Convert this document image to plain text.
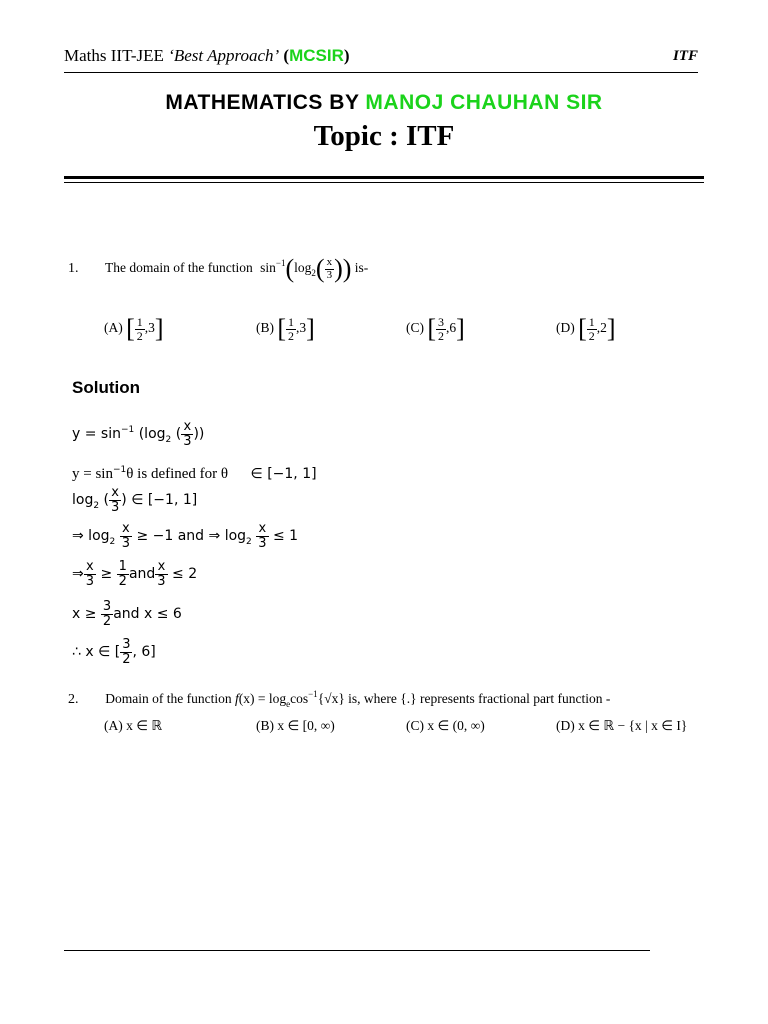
Maths IIT-JEE ‘Best Approach’ (MCSIR)	ITF
MATHEMATICS BY MANOJ CHAUHAN SIR
Topic : ITF
1. The domain of the function $\sin^{-1}(\log_2( \frac{x}{3}$ )) is-
(A) [ $\frac{1}{2} ,3$]	(B) [ $\frac{1}{2} ,3$]	(C) [ $\frac{3}{2} ,6$]	(D) [ $\frac{1}{2} ,2$]
Solution
$y = \sin^{-1} (\log_2$ ( $\frac{x}{3}$ ))
$y = \sin^{-1}\theta$ is defined for θ ∈ [−1, 1]
$\log_2$ ( $\frac{x}{3}$ ) ∈ [−1, 1]
⇒ $\log_2 \frac{x}{3} \ge -1$ and ⇒ $\log_2 \frac{x}{3} \le 1$
⇒ $\frac{x}{3} \ge \frac{1}{2}$ and $\frac{x}{3} \le 2$
$x \ge \frac{3}{2}$ and x ≤ 6
∴ x ∈ [ $\frac{3}{2}$ , 6]
2. Domain of the function $f(x) = \log_e\cos^{-1}\{√x\}$ is, where {.} represents fractional part function -
(A) x ∈ ℝ	(B) x ∈ [0, ∞)	(C) x ∈ (0, ∞)	(D) x ∈ ℝ − {x | x ∈ I}
